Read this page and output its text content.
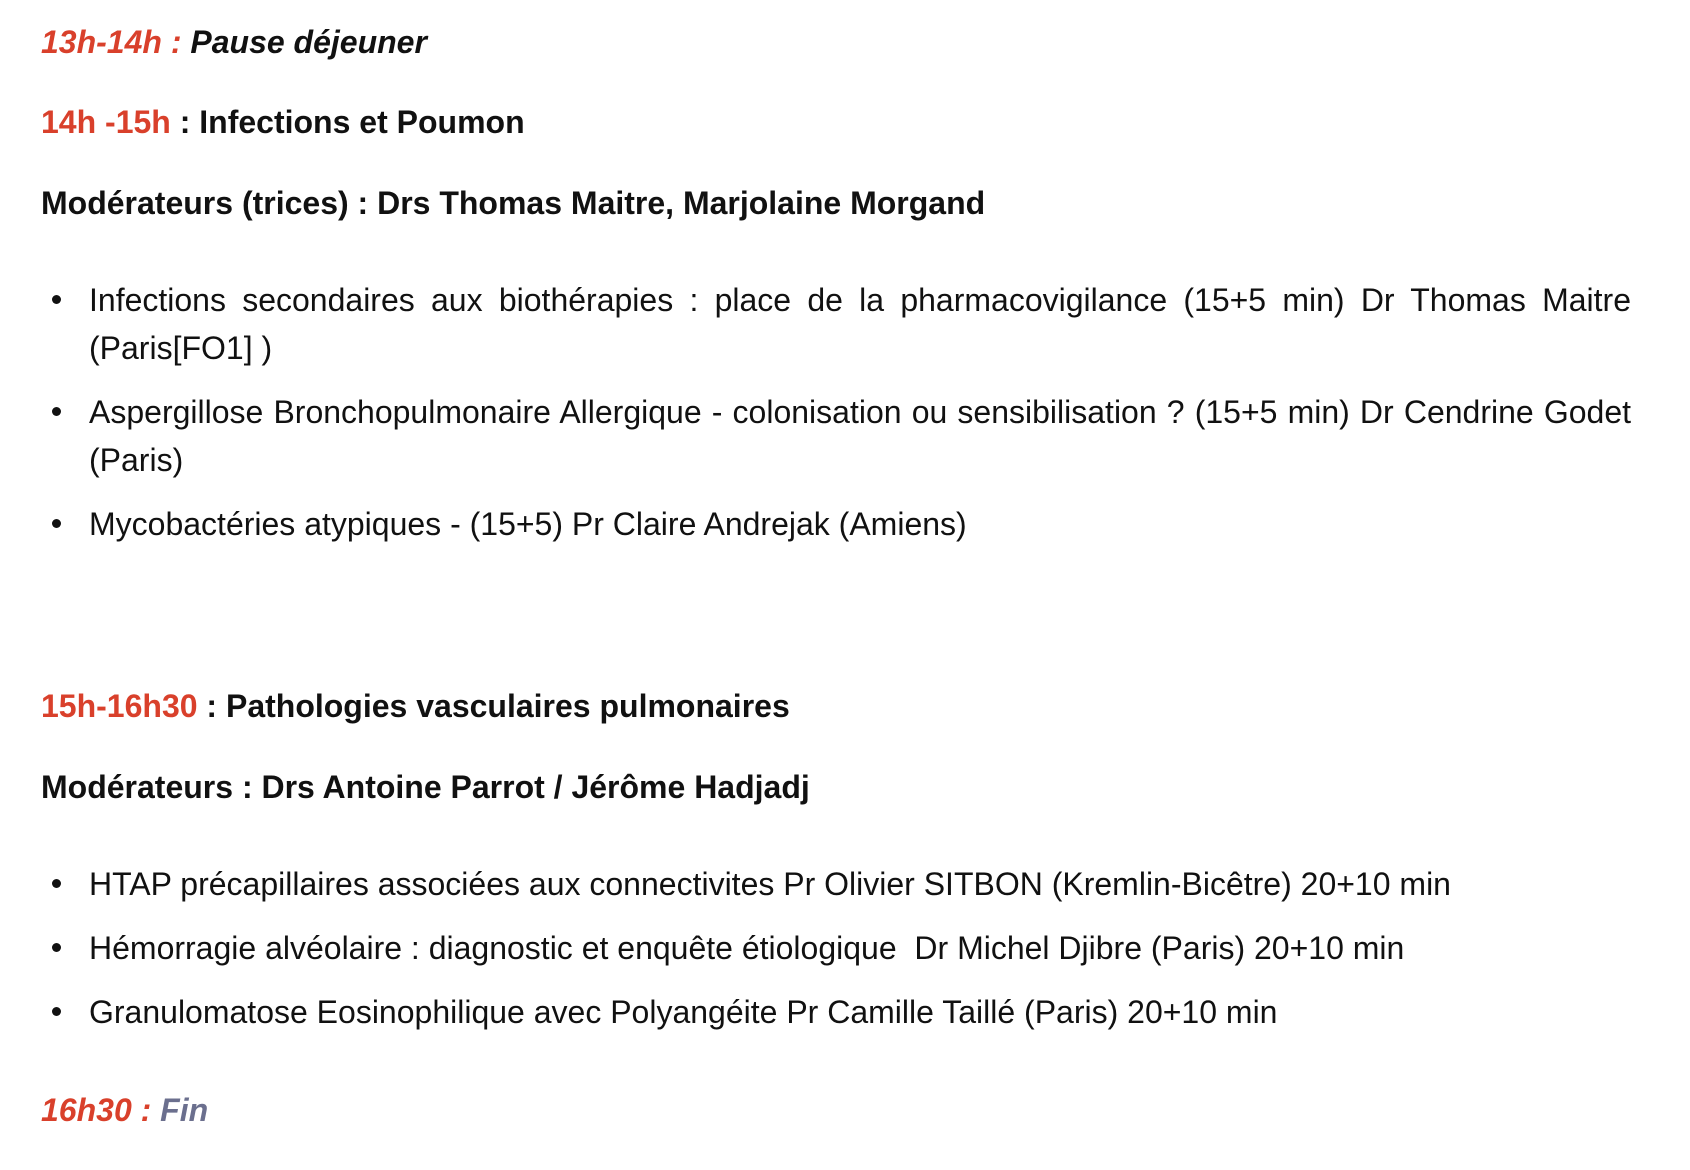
13h-14h : Pause déjeuner
14h -15h : Infections et Poumon
Modérateurs (trices) : Drs Thomas Maitre, Marjolaine Morgand
Infections secondaires aux biothérapies : place de la pharmacovigilance (15+5 min) Dr Thomas Maitre (Paris[FO1] )
Aspergillose Bronchopulmonaire Allergique - colonisation ou sensibilisation ? (15+5 min) Dr Cendrine Godet (Paris)
Mycobactéries atypiques - (15+5) Pr Claire Andrejak (Amiens)
15h-16h30 : Pathologies vasculaires pulmonaires
Modérateurs : Drs Antoine Parrot / Jérôme Hadjadj
HTAP précapillaires associées aux connectivites Pr Olivier SITBON (Kremlin-Bicêtre) 20+10 min
Hémorragie alvéolaire : diagnostic et enquête étiologique  Dr Michel Djibre (Paris) 20+10 min
Granulomatose Eosinophilique avec Polyangéite Pr Camille Taillé (Paris) 20+10 min
16h30 : Fin
